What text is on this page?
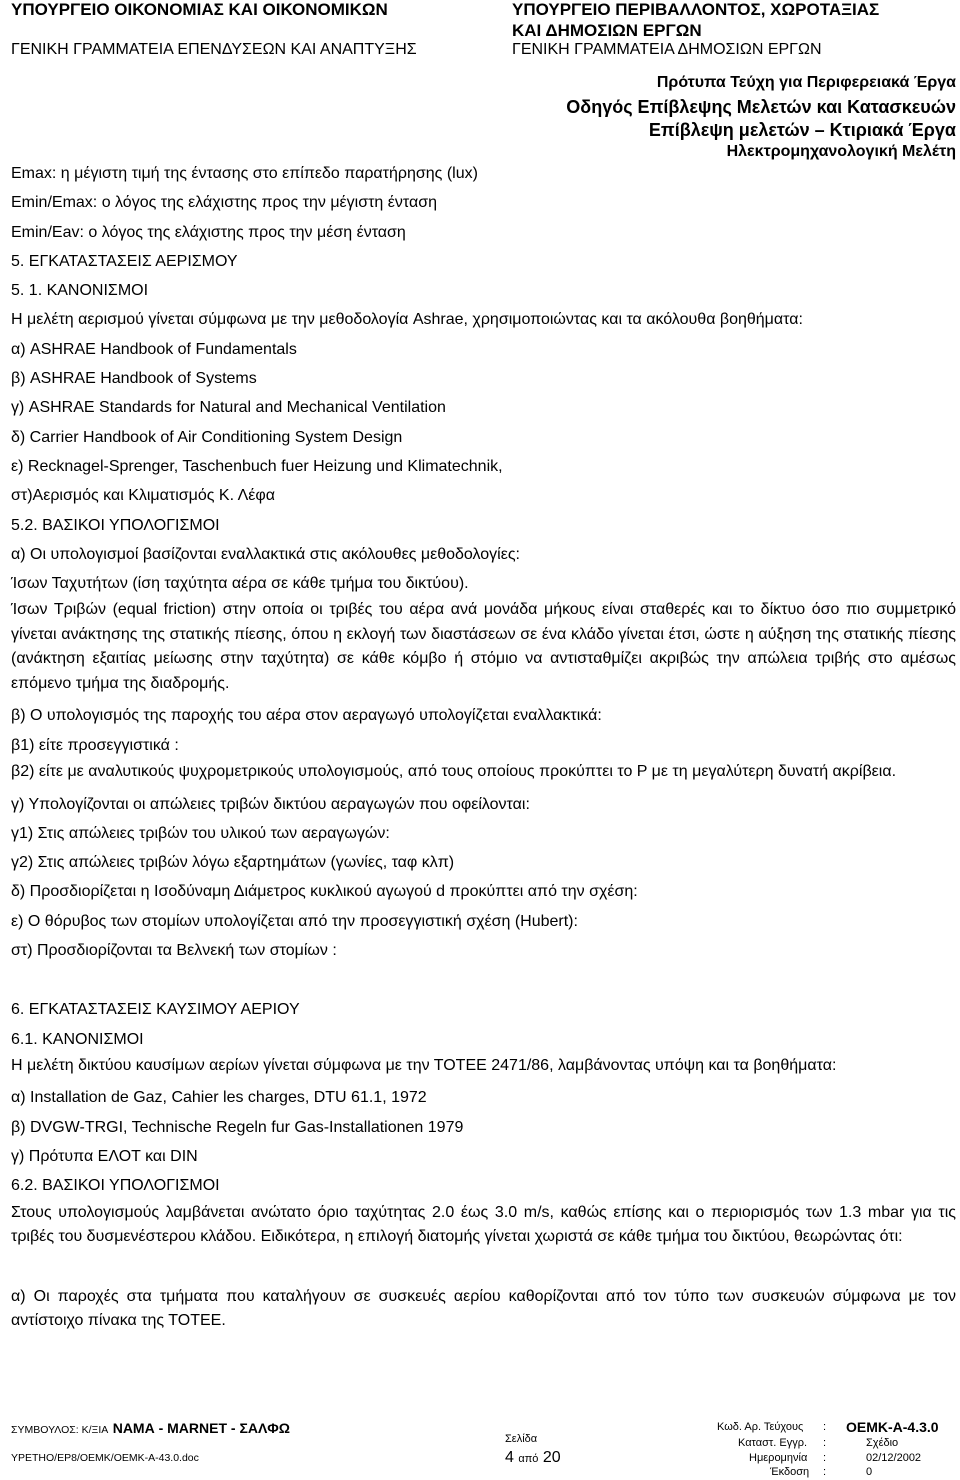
ΥΠΟΥΡΓΕΙΟ ΟΙΚΟΝΟΜΙΑΣ ΚΑΙ ΟΙΚΟΝΟΜΙΚΩΝ
ΓΕΝΙΚΗ ΓΡΑΜΜΑΤΕΙΑ ΕΠΕΝΔΥΣΕΩΝ ΚΑΙ ΑΝΑΠΤΥΞΗΣ
ΥΠΟΥΡΓΕΙΟ ΠΕΡΙΒΑΛΛΟΝΤΟΣ, ΧΩΡΟΤΑΞΙΑΣ
ΚΑΙ ΔΗΜΟΣΙΩΝ ΕΡΓΩΝ
ΓΕΝΙΚΗ ΓΡΑΜΜΑΤΕΙΑ ΔΗΜΟΣΙΩΝ ΕΡΓΩΝ
Πρότυπα Τεύχη για Περιφερειακά Έργα
Οδηγός Επίβλεψης Μελετών και Κατασκευών
Επίβλεψη μελετών – Κτιριακά Έργα
Ηλεκτρομηχανολογική Μελέτη

Emax: η μέγιστη τιμή της έντασης στο επίπεδο παρατήρησης (lux)

Emin/Emax: ο λόγος της ελάχιστης προς την μέγιστη ένταση

Emin/Eav: ο λόγος της ελάχιστης προς την μέση ένταση

5. ΕΓΚΑΤΑΣΤΑΣΕΙΣ ΑΕΡΙΣΜΟΥ

5. 1. ΚΑΝΟΝΙΣΜΟΙ

Η μελέτη αερισμού γίνεται σύμφωνα με την μεθοδολογία Ashrae, χρησιμοποιώντας και τα ακόλουθα βοηθήματα:

α) ASHRAE Handbook of Fundamentals

β) ASHRAE Handbook of Systems

γ) ASHRAE Standards for Natural and Mechanical Ventilation

δ) Carrier Handbook of Air Conditioning System Design

ε) Recknagel-Sprenger, Taschenbuch fuer Heizung und Klimatechnik,

στ)Αερισμός και Κλιματισμός Κ. Λέφα

5.2. ΒΑΣΙΚΟΙ ΥΠΟΛΟΓΙΣΜΟΙ

α) Οι υπολογισμοί βασίζονται εναλλακτικά στις ακόλουθες μεθοδολογίες:

Ίσων Ταχυτήτων (ίση ταχύτητα αέρα σε κάθε τμήμα του δικτύου).

Ίσων Τριβών (equal friction) στην οποία οι τριβές του αέρα ανά μονάδα μήκους είναι σταθερές και το δίκτυο όσο πιο συμμετρικό γίνεται ανάκτησης της στατικής πίεσης, όπου η εκλογή των διαστάσεων σε ένα κλάδο γίνεται έτσι, ώστε η αύξηση της στατικής πίεσης (ανάκτηση εξαιτίας μείωσης στην ταχύτητα) σε κάθε κόμβο ή στόμιο να αντισταθμίζει ακριβώς την απώλεια τριβής στο αμέσως επόμενο τμήμα της διαδρομής.

β) Ο υπολογισμός της παροχής του αέρα στον αεραγωγό υπολογίζεται εναλλακτικά:

β1) είτε προσεγγιστικά :

β2) είτε με αναλυτικούς ψυχρομετρικούς υπολογισμούς, από τους οποίους προκύπτει το P με τη μεγαλύτερη δυνατή ακρίβεια.

γ) Υπολογίζονται οι απώλειες τριβών δικτύου αεραγωγών που οφείλονται:

γ1) Στις απώλειες τριβών του υλικού των αεραγωγών:

γ2) Στις απώλειες τριβών λόγω εξαρτημάτων (γωνίες, ταφ κλπ)

δ) Προσδιορίζεται η Ισοδύναμη Διάμετρος κυκλικού αγωγού d προκύπτει από την σχέση:

ε) Ο θόρυβος των στομίων υπολογίζεται από την προσεγγιστική σχέση (Hubert):

στ) Προσδιορίζονται τα Βελνεκή των στομίων :

6. ΕΓΚΑΤΑΣΤΑΣΕΙΣ ΚΑΥΣΙΜΟΥ ΑΕΡΙΟΥ

6.1. ΚΑΝΟΝΙΣΜΟΙ

Η μελέτη δικτύου καυσίμων αερίων γίνεται σύμφωνα με την ΤΟΤΕΕ 2471/86, λαμβάνοντας υπόψη και τα βοηθήματα:

α) Installation de Gaz, Cahier les charges, DTU 61.1, 1972

β) DVGW-TRGI, Technische Regeln fur Gas-Installationen 1979

γ) Πρότυπα ΕΛΟΤ και DIN

6.2. ΒΑΣΙΚΟΙ ΥΠΟΛΟΓΙΣΜΟΙ

Στους υπολογισμούς λαμβάνεται ανώτατο όριο ταχύτητας 2.0 έως 3.0 m/s, καθώς επίσης και ο περιορισμός των 1.3 mbar για τις τριβές του δυσμενέστερου κλάδου. Ειδικότερα, η επιλογή διατομής γίνεται χωριστά σε κάθε τμήμα του δικτύου, θεωρώντας ότι:

α) Οι παροχές στα τμήματα που καταλήγουν σε συσκευές αερίου καθορίζονται από τον τύπο των συσκευών σύμφωνα με τον αντίστοιχο πίνακα της ΤΟΤΕΕ.

ΣΥΜΒΟΥΛΟΣ: Κ/ΞΙΑ ΝΑΜΑ - MARNET - ΣΑΛΦΩ
ΥΡΕΤΗΟ/ΕΡ8/ΟΕΜΚ/ΟΕΜΚ-Α-43.0.doc
Σελίδα
4 από 20
Κωδ. Αρ. Τεύχους : ΟΕΜΚ-Α-4.3.0
Καταστ. Εγγρ. :	Σχέδιο
Ημερομηνία :	02/12/2002
Έκδοση :	0
